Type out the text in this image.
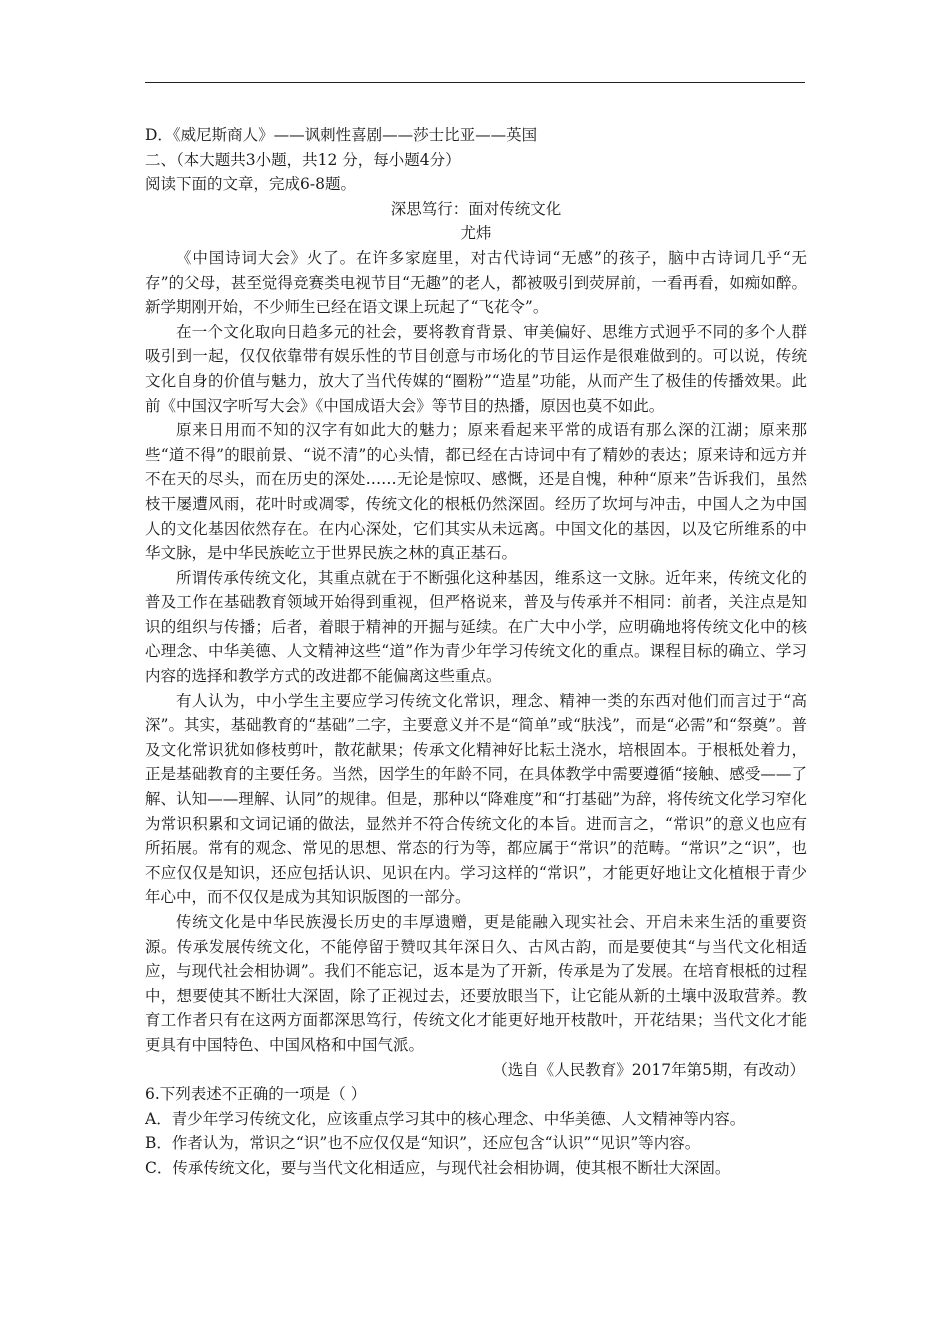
D．《威尼斯商人》——讽刺性喜剧——莎士比亚——英国

二、（本大题共3小题，共12 分，每小题4分）

阅读下面的文章，完成6-8题。

深思笃行：面对传统文化

尤炜

《中国诗词大会》火了。在许多家庭里，对古代诗词“无感”的孩子，脑中古诗词几乎“无存”的父母，甚至觉得竞赛类电视节目“无趣”的老人，都被吸引到荧屏前，一看再看，如痴如醉。新学期刚开始，不少师生已经在语文课上玩起了“飞花令”。

在一个文化取向日趋多元的社会，要将教育背景、审美偏好、思维方式迥乎不同的多个人群吸引到一起，仅仅依靠带有娱乐性的节目创意与市场化的节目运作是很难做到的。可以说，传统文化自身的价值与魅力，放大了当代传媒的“圈粉”“造星”功能，从而产生了极佳的传播效果。此前《中国汉字听写大会》《中国成语大会》等节目的热播，原因也莫不如此。

原来日用而不知的汉字有如此大的魅力；原来看起来平常的成语有那么深的江湖；原来那些“道不得”的眼前景、“说不清”的心头情，都已经在古诗词中有了精妙的表达；原来诗和远方并不在天的尽头，而在历史的深处……无论是惊叹、感慨，还是自愧，种种“原来”告诉我们，虽然枝干屡遭风雨，花叶时或凋零，传统文化的根柢仍然深固。经历了坎坷与冲击，中国人之为中国人的文化基因依然存在。在内心深处，它们其实从未远离。中国文化的基因，以及它所维系的中华文脉，是中华民族屹立于世界民族之林的真正基石。

所谓传承传统文化，其重点就在于不断强化这种基因，维系这一文脉。近年来，传统文化的普及工作在基础教育领域开始得到重视，但严格说来，普及与传承并不相同：前者，关注点是知识的组织与传播；后者，着眼于精神的开掘与延续。在广大中小学，应明确地将传统文化中的核心理念、中华美德、人文精神这些“道”作为青少年学习传统文化的重点。课程目标的确立、学习内容的选择和教学方式的改进都不能偏离这些重点。

有人认为，中小学生主要应学习传统文化常识，理念、精神一类的东西对他们而言过于“高深”。其实，基础教育的“基础”二字，主要意义并不是“简单”或“肤浅”，而是“必需”和“祭奠”。普及文化常识犹如修枝剪叶，散花献果；传承文化精神好比耘土浇水，培根固本。于根柢处着力，正是基础教育的主要任务。当然，因学生的年龄不同，在具体教学中需要遵循“接触、感受——了解、认知——理解、认同”的规律。但是，那种以“降难度”和“打基础”为辞，将传统文化学习窄化为常识积累和文词记诵的做法，显然并不符合传统文化的本旨。进而言之，“常识”的意义也应有所拓展。常有的观念、常见的思想、常态的行为等，都应属于“常识”的范畴。“常识”之“识”，也不应仅仅是知识，还应包括认识、见识在内。学习这样的“常识”，才能更好地让文化植根于青少年心中，而不仅仅是成为其知识版图的一部分。

传统文化是中华民族漫长历史的丰厚遗赠，更是能融入现实社会、开启未来生活的重要资源。传承发展传统文化，不能停留于赞叹其年深日久、古风古韵，而是要使其“与当代文化相适应，与现代社会相协调”。我们不能忘记，返本是为了开新，传承是为了发展。在培育根柢的过程中，想要使其不断壮大深固，除了正视过去，还要放眼当下，让它能从新的土壤中汲取营养。教育工作者只有在这两方面都深思笃行，传统文化才能更好地开枝散叶，开花结果；当代文化才能更具有中国特色、中国风格和中国气派。

（选自《人民教育》2017年第5期，有改动）

6.下列表述不正确的一项是（ ）

A．青少年学习传统文化，应该重点学习其中的核心理念、中华美德、人文精神等内容。

B．作者认为，常识之“识”也不应仅仅是“知识”，还应包含“认识”“见识”等内容。

C．传承传统文化，要与当代文化相适应，与现代社会相协调，使其根不断壮大深固。
